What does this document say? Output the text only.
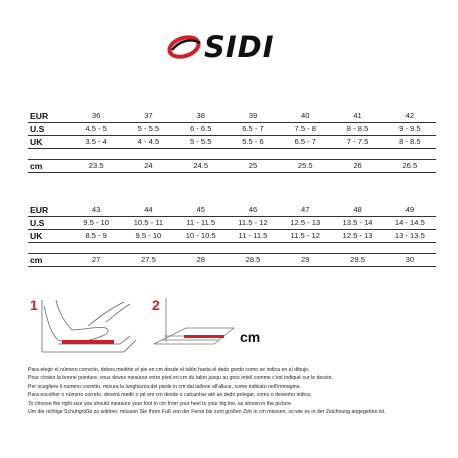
SIDI
EUR	36	37	38	39	40	41	42
U.S	4.5 - 5	5 - 5.5	6 - 6.5	6.5 - 7	7.5 - 8	8 - 8.5	9 - 9.5
UK	3.5 - 4	4 - 4.5	5 - 5.5	5.5 - 6	6.5 - 7	7 - 7.5	8 - 8.5

cm	23.5	24	24.5	25	25.5	26	26.5
EUR	43	44	45	46	47	48	49
U.S	9.5 - 10	10.5 - 11	11 - 11.5	11.5 - 12	12.5 - 13	13.5 - 14	14 - 14.5
UK	8.5 - 9	9.5 - 10	10 - 10.5	11 - 11.5	11.5 - 12	12.5 - 13	13 - 13.5

cm	27	27.5	28	28.5	29	29.5	30
1	2
cm
Para elegir el número correcto, debes medirte el pie en cm desde el talón hasta el dedo gordo como se indica en el dibujo.
Pour choisir la bonne pointure, vous devez mesurez votre pied en cm du talon jusqu au gros orteil comme c'est indiqué sur le dessin.
Per scegliere il numero corretto, misura la lunghezza del piede in cm dal tallone all'alluce, come indicato nell'immagine.
Para escolher o número correto, deverá medir o pé em cm desde o calcanhar até ao dedo polegar, como o desenho indica.
To choose the right size you should measure your foot in cm from your heel to your big toe, as shown in the picture.
Um die richtige Schuhgröße zu wählen, müssen Sie Ihren Fuß von der Ferse bis zum großen Zeh in cm messen, so wie es in der Zeichnung angegeben ist.
